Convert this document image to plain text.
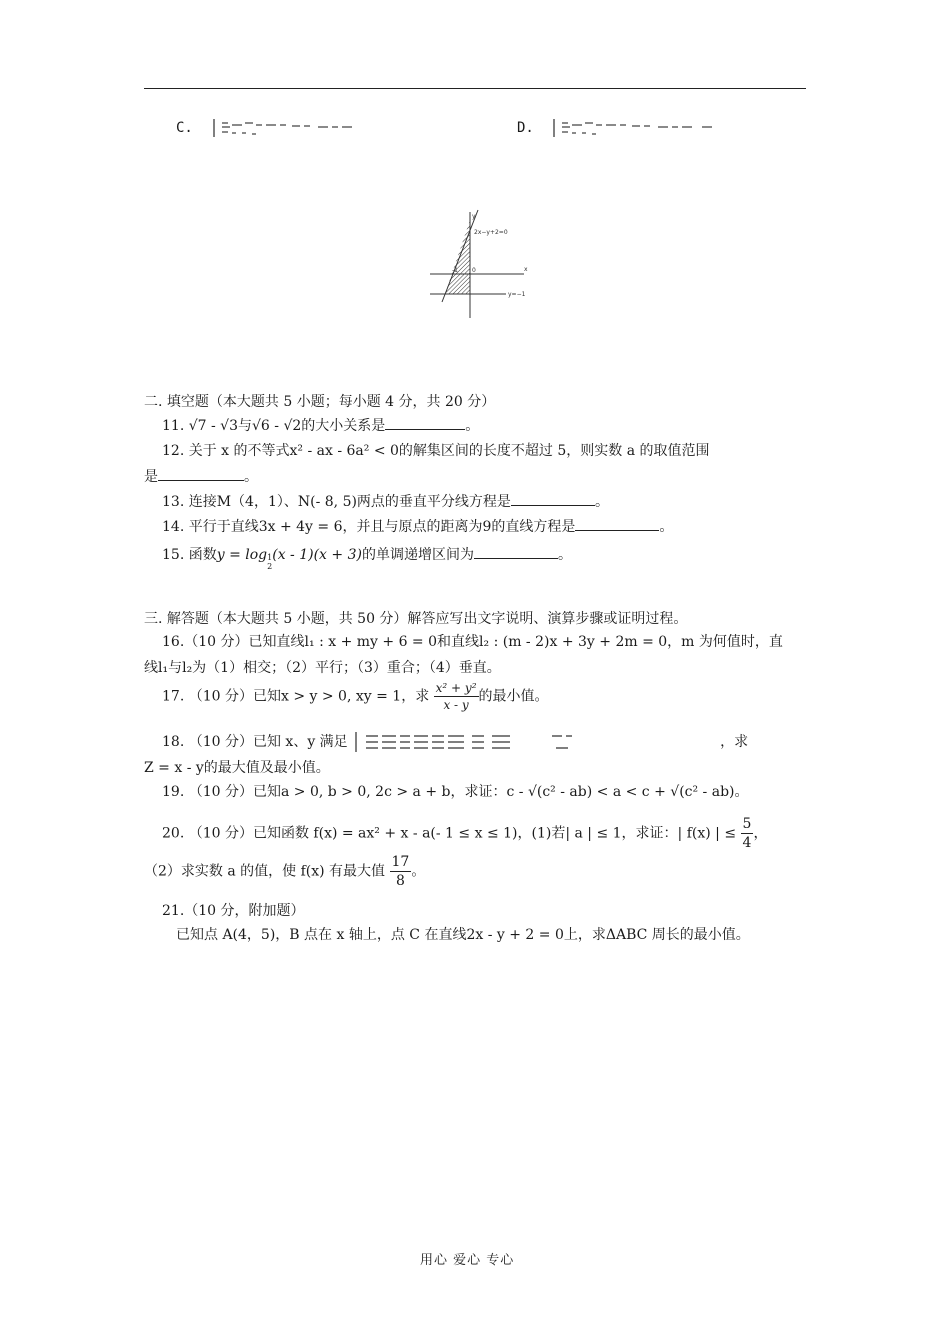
C.	D.
y
x
2x−y+2=0
0
-1
y=−1
二. 填空题（本大题共 5 小题；每小题 4 分，共 20 分）
11. √7 - √3与√6 - √2的大小关系是	。
12. 关于 x 的不等式x² - ax - 6a² < 0的解集区间的长度不超过 5，则实数 a 的取值范围
是	。
13. 连接M（4，1）、N(- 8, 5)两点的垂直平分线方程是	。
14. 平行于直线3x + 4y = 6，并且与原点的距离为9的直线方程是	。
15. 函数y = log1
2(x - 1)(x + 3)的单调递增区间为	。
三. 解答题（本大题共 5 小题，共 50 分）解答应写出文字说明、演算步骤或证明过程。
16.（10 分）已知直线l₁ : x + my + 6 = 0和直线l₂ : (m - 2)x + 3y + 2m = 0，m 为何值时，直
线l₁与l₂为（1）相交；（2）平行；（3）重合；（4）垂直。
17. （10 分）已知x > y > 0, xy = 1，求 $\frac{\text{x² + y²}}{x - y}$ 的最小值。
18. （10 分）已知 x、y 满足	，求
Z = x - y的最大值及最小值。
19. （10 分）已知a > 0, b > 0, 2c > a + b，求证：c - √(c² - ab) < a < c + √(c² - ab)。
20. （10 分）已知函数 f(x) = ax² + x - a(- 1 ≤ x ≤ 1)，(1)若| a | ≤ 1，求证：| f(x) | ≤ $\frac{5}{4}$ ，
（2）求实数 a 的值，使 f(x) 有最大值 $\frac{17}{8}$ 。
21.（10 分，附加题）
已知点 A(4，5)，B 点在 x 轴上，点 C 在直线2x - y + 2 = 0上，求ΔABC 周长的最小值。
用心 爱心 专心
